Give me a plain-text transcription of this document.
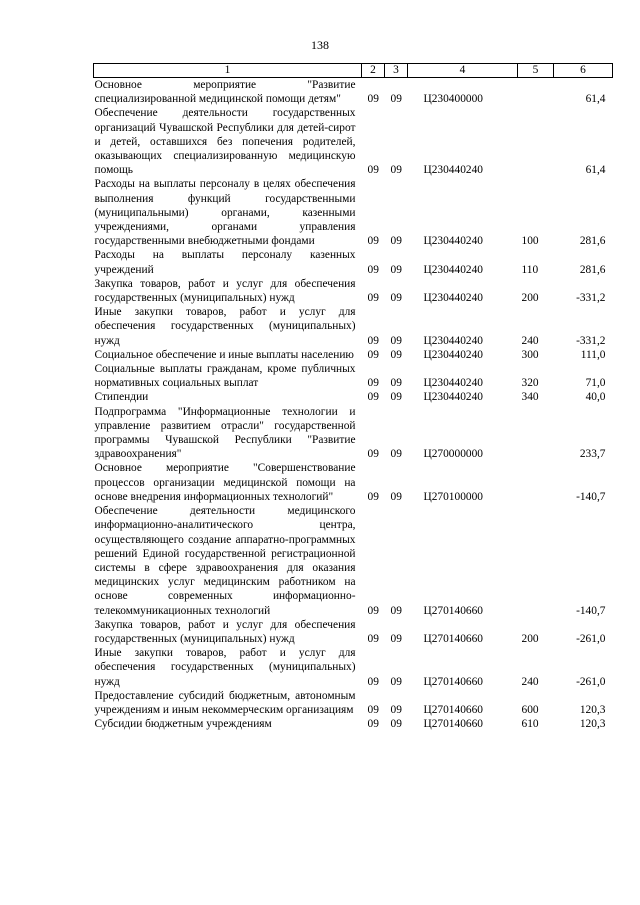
138
1	2	3	4	5	6
Основное мероприятие "Развитие специализированной медицинской помощи детям"	09	09	Ц230400000		61,4
Обеспечение деятельности государственных организаций Чувашской Республики для детей-сирот и детей, оставшихся без попечения родителей, оказывающих специализированную медицинскую помощь	09	09	Ц230440240		61,4
Расходы на выплаты персоналу в целях обеспечения выполнения функций государственными (муниципальными) органами, казенными учреждениями, органами управления государственными внебюджетными фондами	09	09	Ц230440240	100	281,6
Расходы на выплаты персоналу казенных учреждений	09	09	Ц230440240	110	281,6
Закупка товаров, работ и услуг для обеспечения государственных (муниципальных) нужд	09	09	Ц230440240	200	-331,2
Иные закупки товаров, работ и услуг для обеспечения государственных (муниципальных) нужд	09	09	Ц230440240	240	-331,2
Социальное обеспечение и иные выплаты населению	09	09	Ц230440240	300	111,0
Социальные выплаты гражданам, кроме публичных нормативных социальных выплат	09	09	Ц230440240	320	71,0
Стипендии	09	09	Ц230440240	340	40,0
Подпрограмма "Информационные технологии и управление развитием отрасли" государственной программы Чувашской Республики "Развитие здравоохранения"	09	09	Ц270000000		233,7
Основное мероприятие "Совершенствование процессов организации медицинской помощи на основе внедрения информационных технологий"	09	09	Ц270100000		-140,7
Обеспечение деятельности медицинского информационно-аналитического центра, осуществляющего создание аппаратно-программных решений Единой государственной регистрационной системы в сфере здравоохранения для оказания медицинских услуг медицинским работником на основе современных информационно-телекоммуникационных технологий	09	09	Ц270140660		-140,7
Закупка товаров, работ и услуг для обеспечения государственных (муниципальных) нужд	09	09	Ц270140660	200	-261,0
Иные закупки товаров, работ и услуг для обеспечения государственных (муниципальных) нужд	09	09	Ц270140660	240	-261,0
Предоставление субсидий бюджетным, автономным учреждениям и иным некоммерческим организациям	09	09	Ц270140660	600	120,3
Субсидии бюджетным учреждениям	09	09	Ц270140660	610	120,3
